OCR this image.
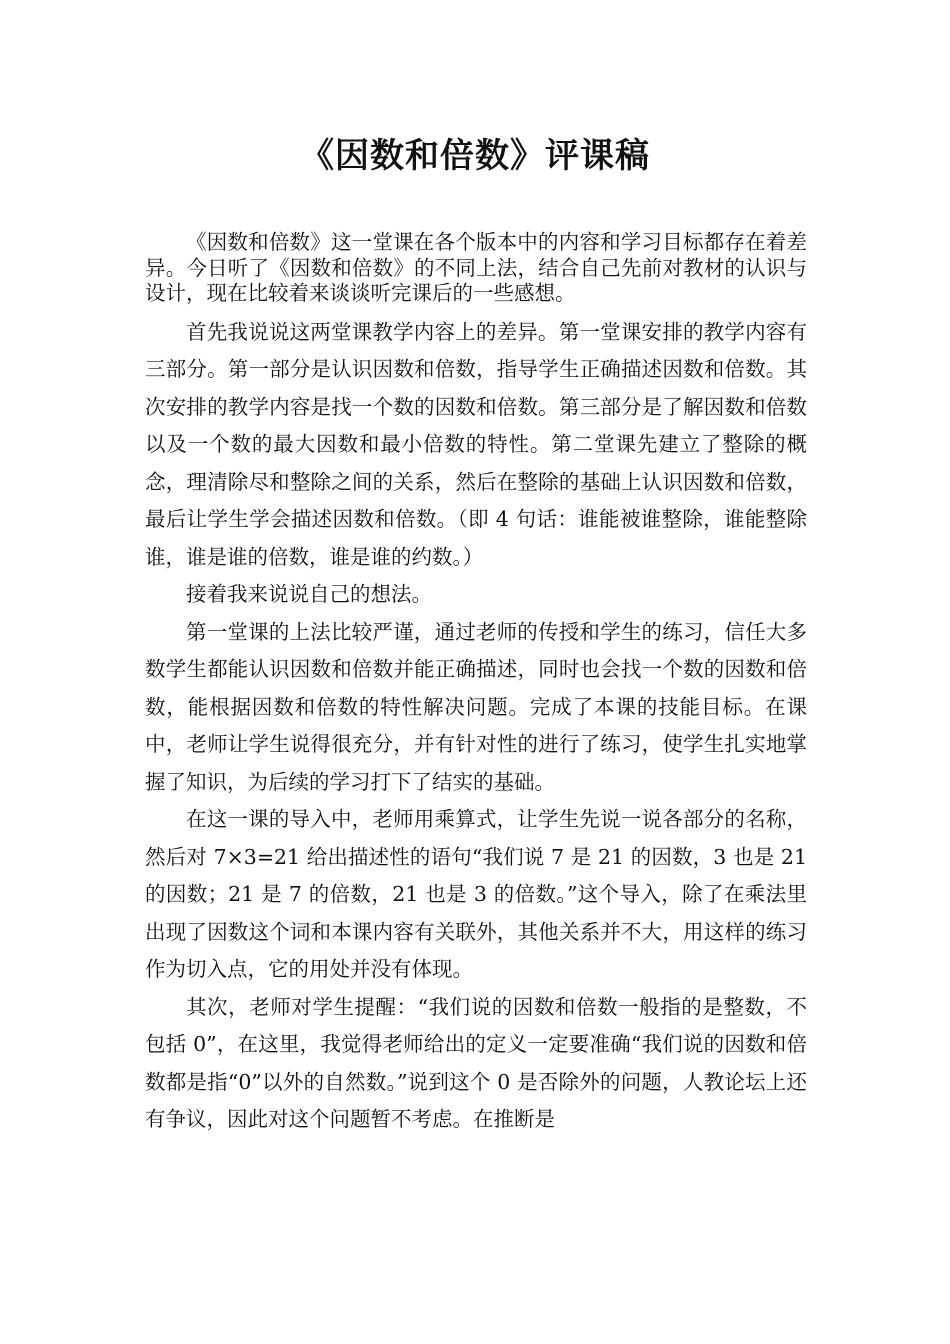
《因数和倍数》评课稿

《因数和倍数》这一堂课在各个版本中的内容和学习目标都存在着差异。今日听了《因数和倍数》的不同上法，结合自己先前对教材的认识与设计，现在比较着来谈谈听完课后的一些感想。

首先我说说这两堂课教学内容上的差异。第一堂课安排的教学内容有三部分。第一部分是认识因数和倍数，指导学生正确描述因数和倍数。其次安排的教学内容是找一个数的因数和倍数。第三部分是了解因数和倍数以及一个数的最大因数和最小倍数的特性。第二堂课先建立了整除的概念，理清除尽和整除之间的关系，然后在整除的基础上认识因数和倍数，最后让学生学会描述因数和倍数。（即 4 句话：谁能被谁整除，谁能整除谁，谁是谁的倍数，谁是谁的约数。）

接着我来说说自己的想法。

第一堂课的上法比较严谨，通过老师的传授和学生的练习，信任大多数学生都能认识因数和倍数并能正确描述，同时也会找一个数的因数和倍数，能根据因数和倍数的特性解决问题。完成了本课的技能目标。在课中，老师让学生说得很充分，并有针对性的进行了练习，使学生扎实地掌握了知识，为后续的学习打下了结实的基础。

在这一课的导入中，老师用乘算式，让学生先说一说各部分的名称，然后对 7×3=21 给出描述性的语句“我们说 7 是 21 的因数，3 也是 21 的因数；21 是 7 的倍数，21 也是 3 的倍数。”这个导入，除了在乘法里出现了因数这个词和本课内容有关联外，其他关系并不大，用这样的练习作为切入点，它的用处并没有体现。

其次，老师对学生提醒：“我们说的因数和倍数一般指的是整数，不包括 0”，在这里，我觉得老师给出的定义一定要准确“我们说的因数和倍数都是指“0”以外的自然数。”说到这个 0 是否除外的问题，人教论坛上还有争议，因此对这个问题暂不考虑。在推断是
